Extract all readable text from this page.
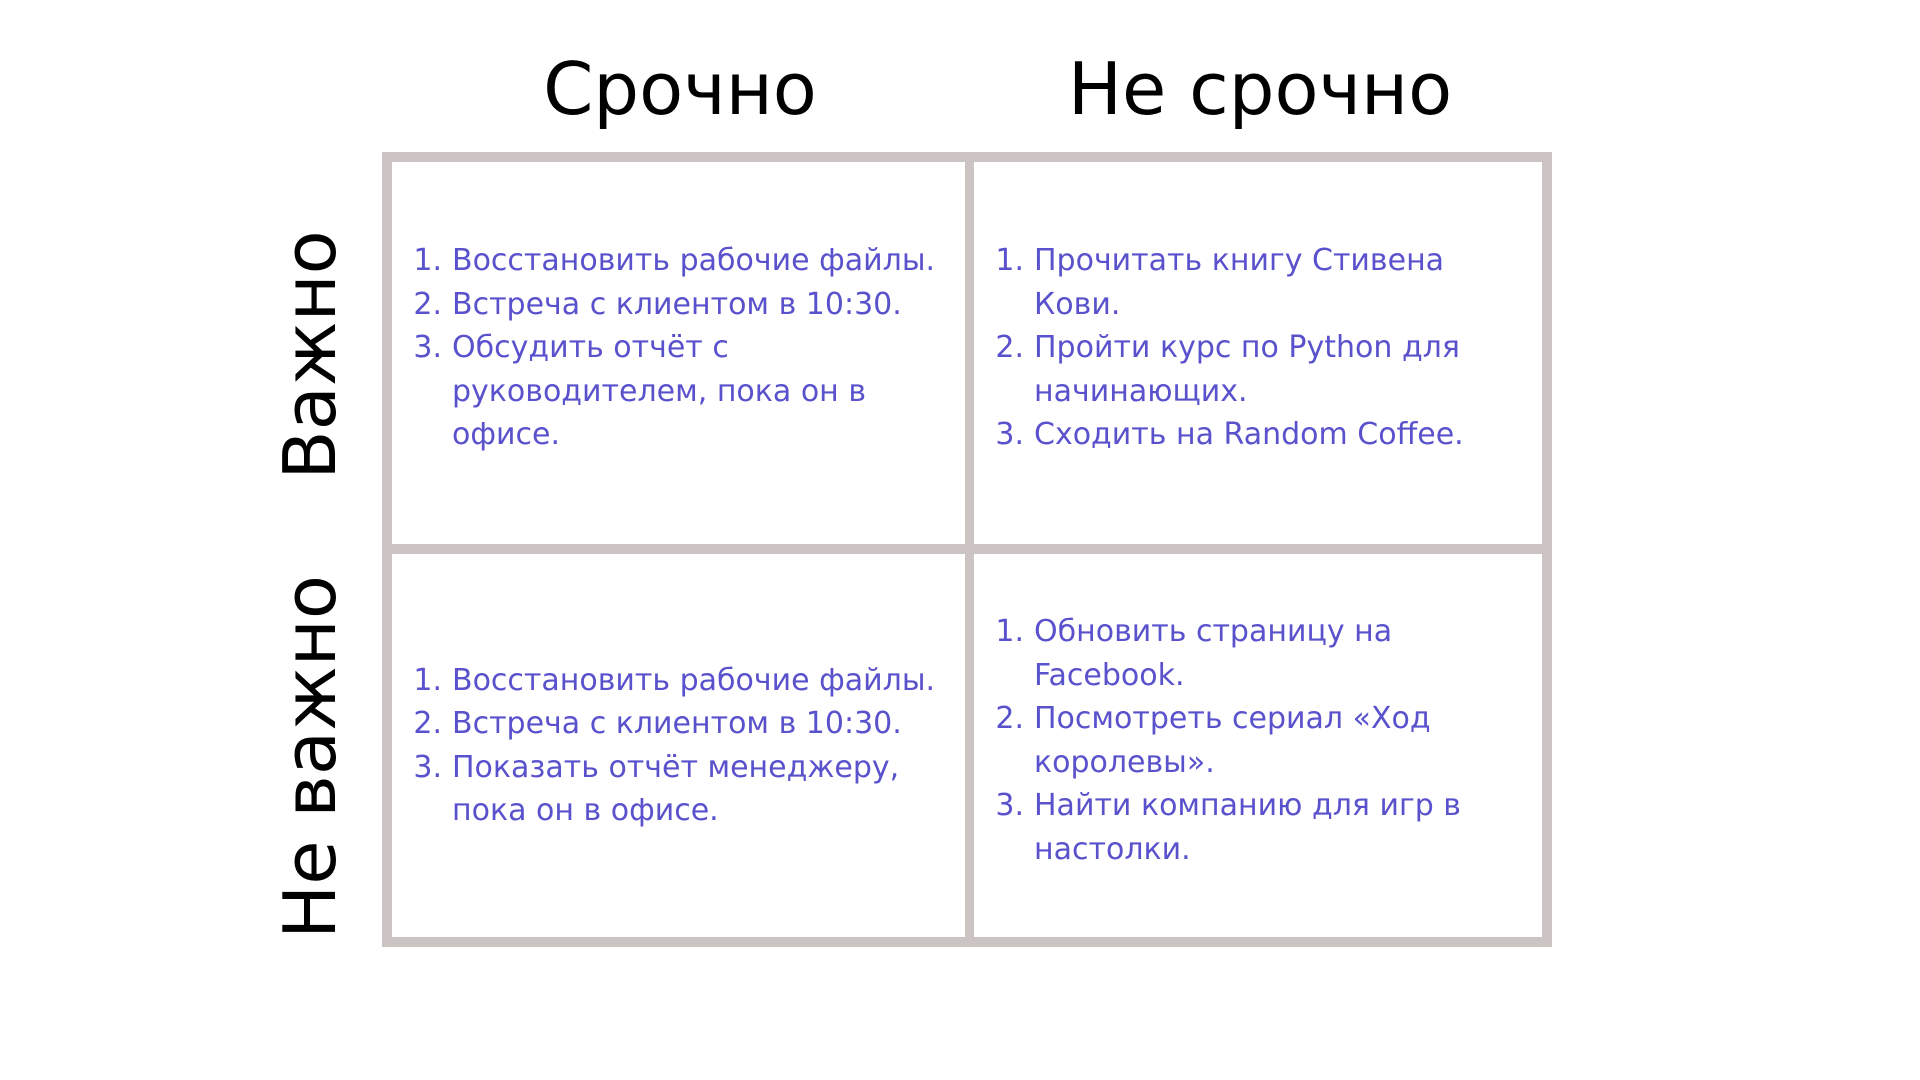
Срочно	Не срочно
Важно
Не важно
Восстановить рабочие файлы.
Встреча с клиентом в 10:30.
Обсудить отчёт с руководителем, пока он в офисе.
Прочитать книгу Стивена Кови.
Пройти курс по Python для начинающих.
Сходить на Random Coffee.
Восстановить рабочие файлы.
Встреча с клиентом в 10:30.
Показать отчёт менеджеру, пока он в офисе.
Обновить страницу на Facebook.
Посмотреть сериал «Ход королевы».
Найти компанию для игр в настолки.
